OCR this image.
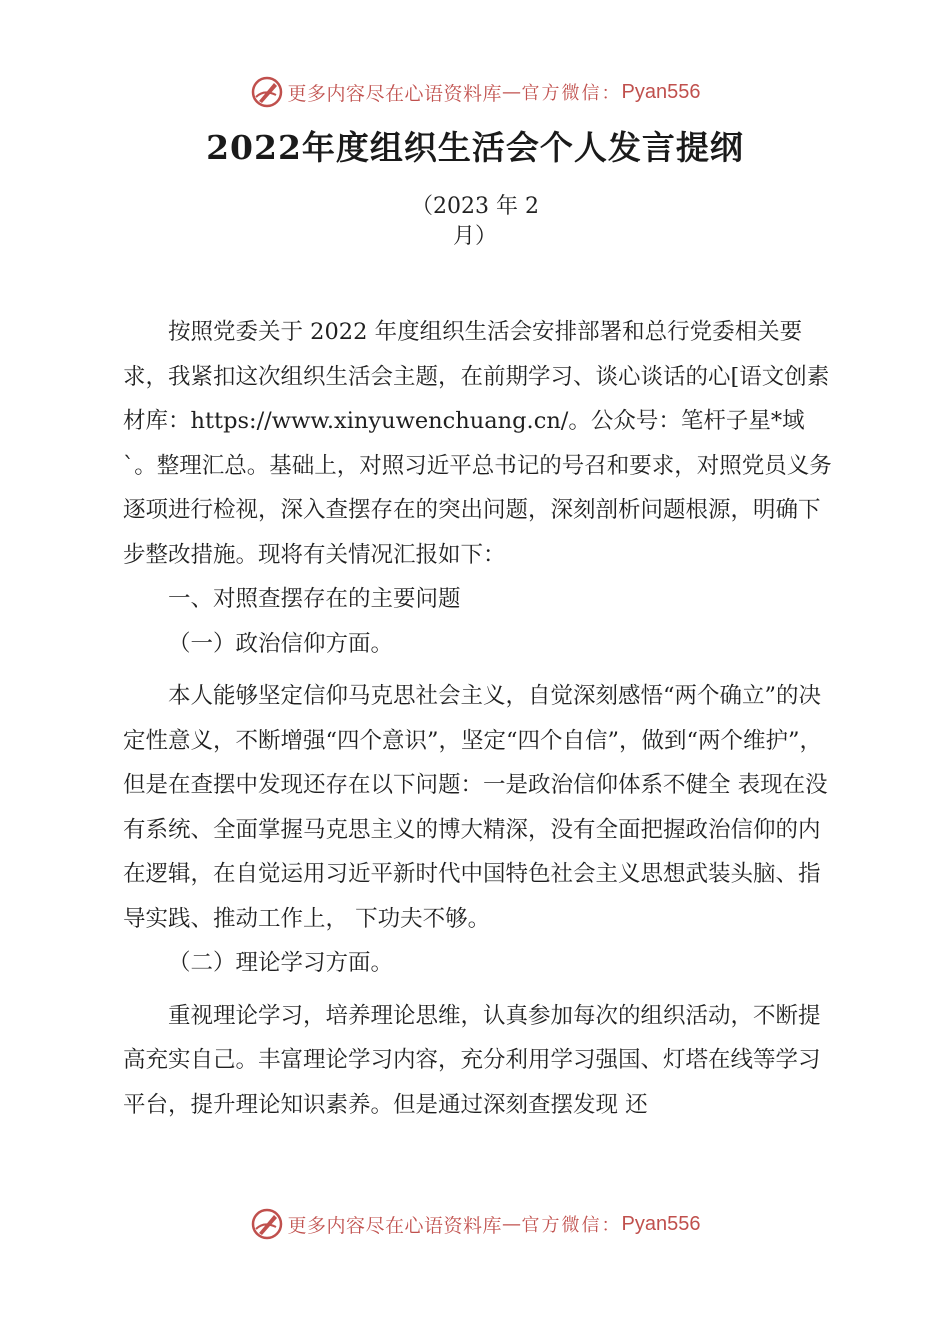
更多内容尽在心语资料库 — 官方微信： Pyan556
2022年度组织生活会个人发言提纲
（2023 年 2
月）

按照党委关于 2022 年度组织生活会安排部署和总行党委相关要求，我紧扣这次组织生活会主题，在前期学习、谈心谈话的心[语文创素材库：https://www.xinyuwenchuang.cn/。公众号：笔杆子星*域`。整理汇总。基础上，对照习近平总书记的号召和要求，对照党员义务逐项进行检视，深入查摆存在的突出问题，深刻剖析问题根源，明确下步整改措施。现将有关情况汇报如下：

一、对照查摆存在的主要问题

（一）政治信仰方面。

本人能够坚定信仰马克思社会主义，自觉深刻感悟“两个确立”的决定性意义，不断增强“四个意识”，坚定“四个自信”，做到“两个维护”， 但是在查摆中发现还存在以下问题：一是政治信仰体系不健全 表现在没有系统、全面掌握马克思主义的博大精深，没有全面把握政治信仰的内在逻辑，在自觉运用习近平新时代中国特色社会主义思想武装头脑、指导实践、推动工作上， 下功夫不够。

（二）理论学习方面。

重视理论学习，培养理论思维，认真参加每次的组织活动，不断提高充实自己。丰富理论学习内容，充分利用学习强国、灯塔在线等学习平台，提升理论知识素养。但是通过深刻查摆发现 还

更多内容尽在心语资料库 — 官方微信： Pyan556
